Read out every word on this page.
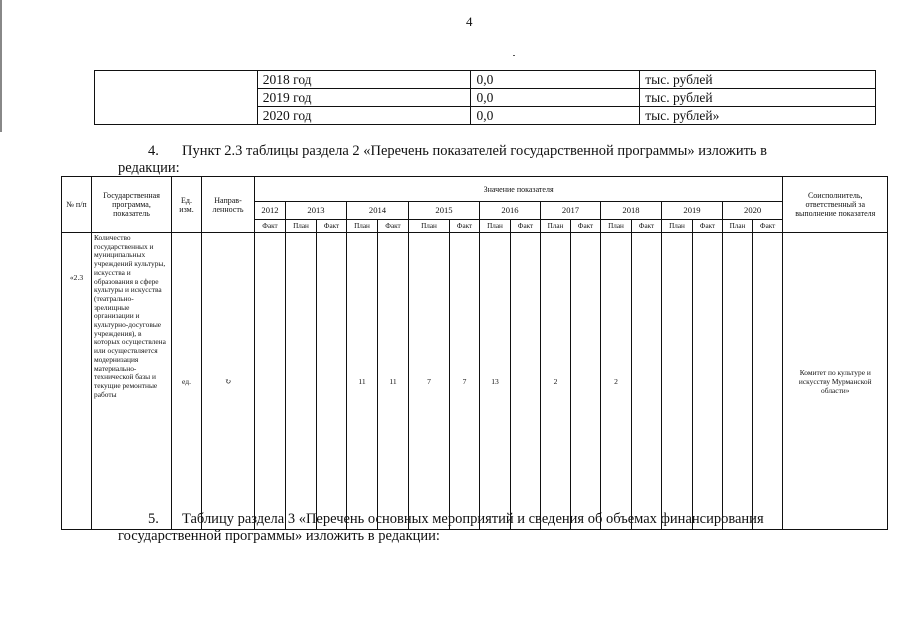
4
	2018 год	0,0	тыс. рублей
	2019 год	0,0	тыс. рублей
	2020 год	0,0	тыс. рублей»
4. Пункт 2.3 таблицы раздела 2 «Перечень показателей государственной программы» изложить в редакции:
№ п/п	Государственная программа, показатель	Ед. изм.	Направ-ленность	Значение показателя																	Соисполнитель, ответственный за выполнение показателя
				2012	2013		2014		2015		2016		2017		2018		2019		2020		
				Факт	План	Факт	План	Факт	План	Факт	План	Факт	План	Факт	План	Факт	План	Факт	План	Факт	
«2.3	Количество государственных и муниципальных учреждений культуры, искусства и образования в сфере культуры и искусства (театрально-зрелищные организации и культурно-досуговые учреждения), в которых осуществлена или осуществляется модернизация материально-технической базы и текущие ремонтные работы	ед.	↻				11	11	7	7	13		2		2						Комитет по культуре и искусству Мурманской области»
5. Таблицу раздела 3 «Перечень основных мероприятий и сведения об объемах финансирования государственной программы» изложить в редакции:
